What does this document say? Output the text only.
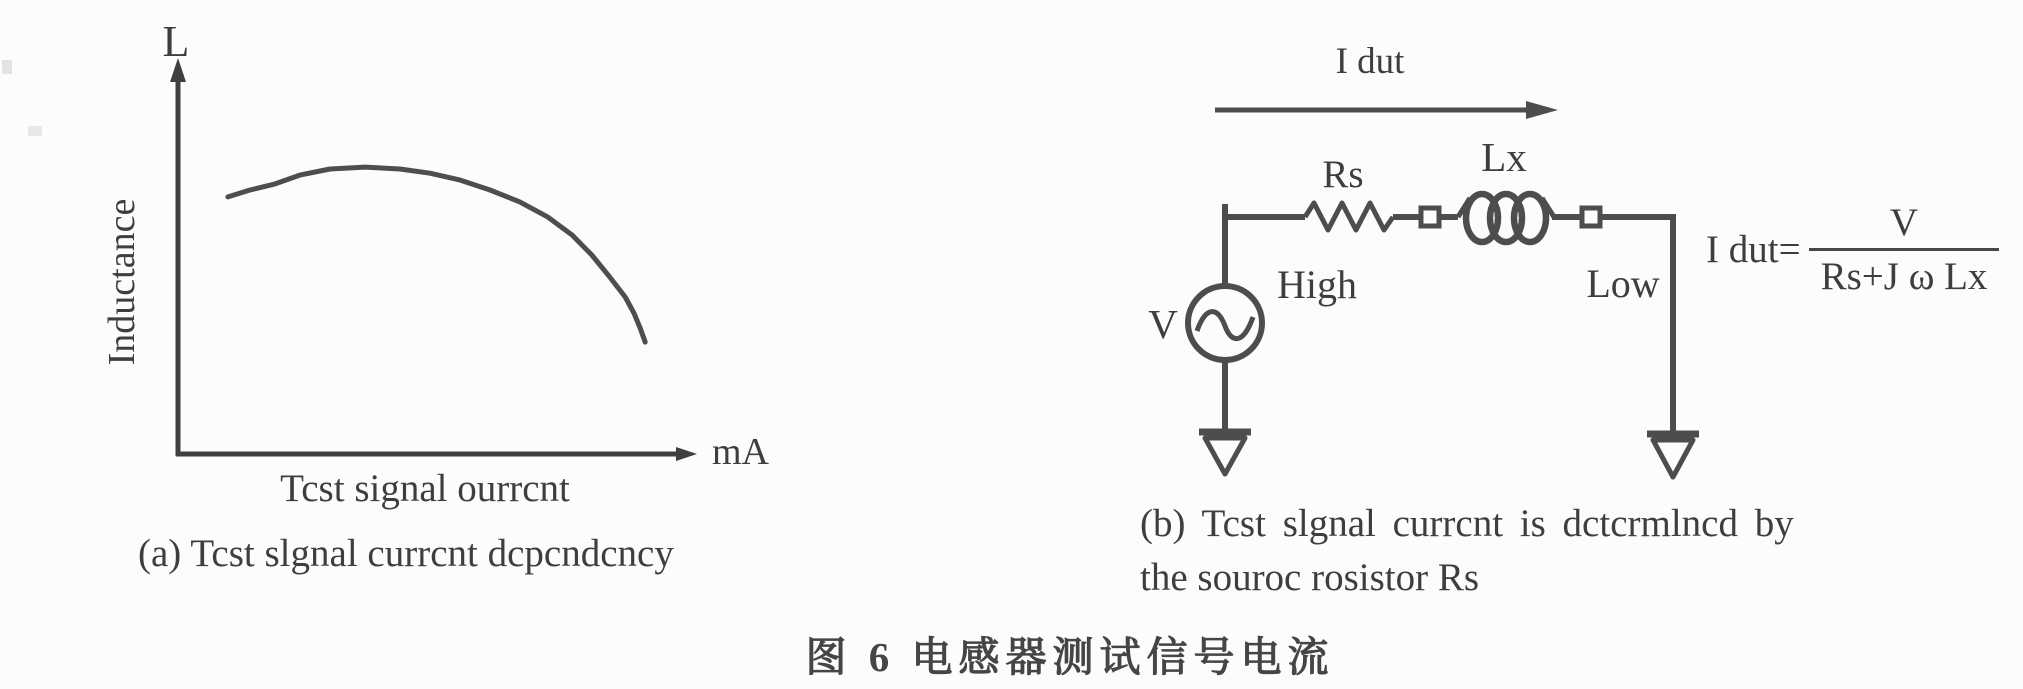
L
Inductance
mA
Tcst signal ourrcnt
(a) Tcst slgnal currcnt dcpcndcncy
I dut
Rs	Lx
V
High	Low
I $dut= \frac{V}{\text{Rs+J ω Lx}}$
(b) Tcst slgnal currcnt is dctcrmlncd by
the souroc rosistor Rs
图 6 电感器测试信号电流
